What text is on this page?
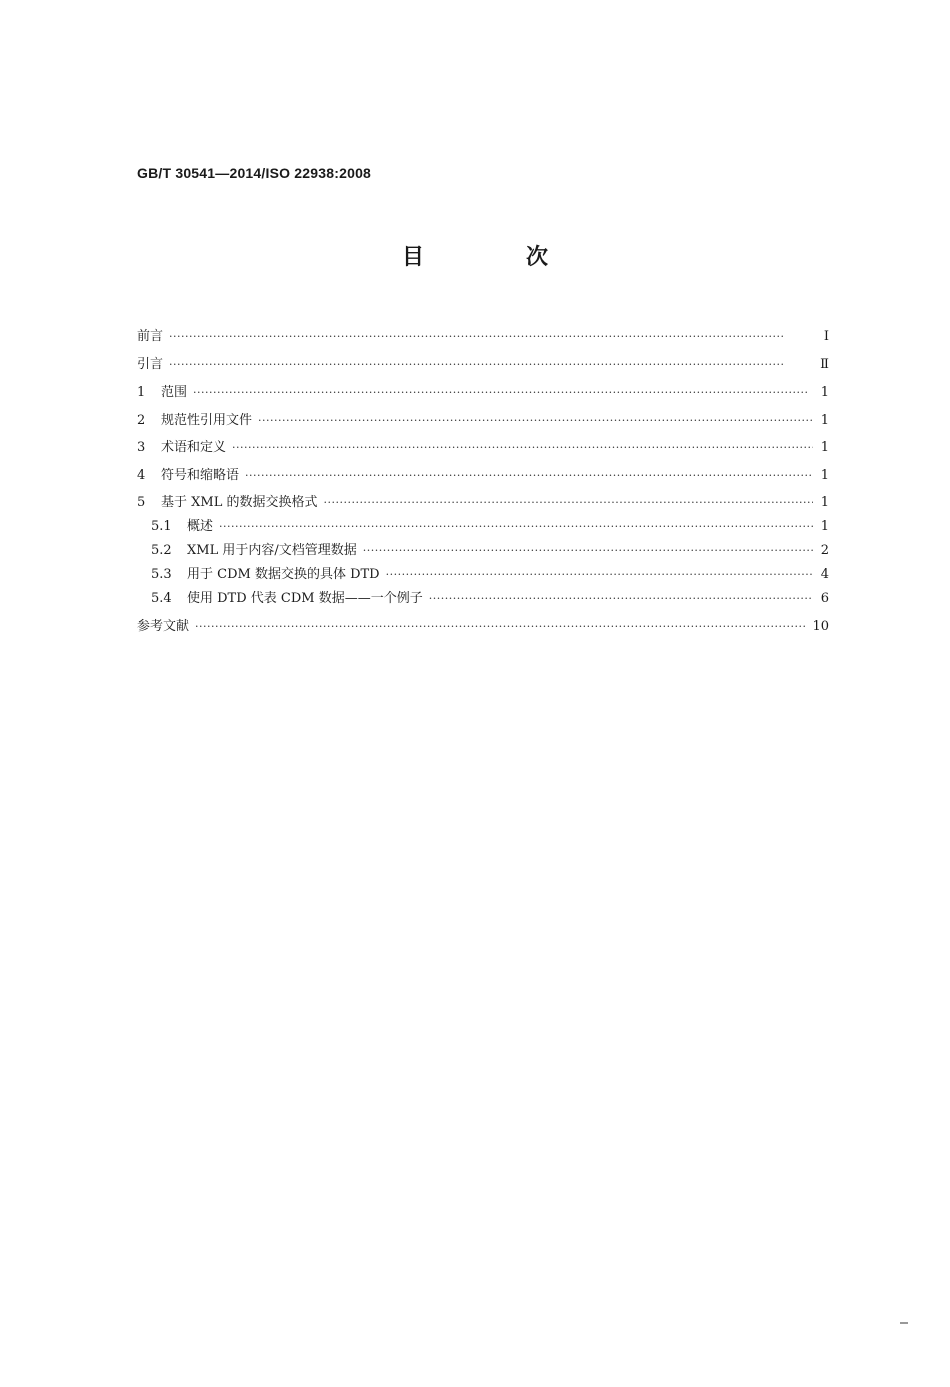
GB/T 30541—2014/ISO 22938:2008
目　次
前言 ·····	Ⅰ
引言 ·····	Ⅱ
1	范围 ·····	1
2	规范性引用文件 ·····	1
3	术语和定义 ·····	1
4	符号和缩略语 ·····	1
5	基于 XML 的数据交换格式 ·····	1
5.1	概述 ·····	1
5.2	XML 用于内容/文档管理数据 ·····	2
5.3	用于 CDM 数据交换的具体 DTD ·····	4
5.4	使用 DTD 代表 CDM 数据——一个例子 ·····	6
参考文献 ·····	10
